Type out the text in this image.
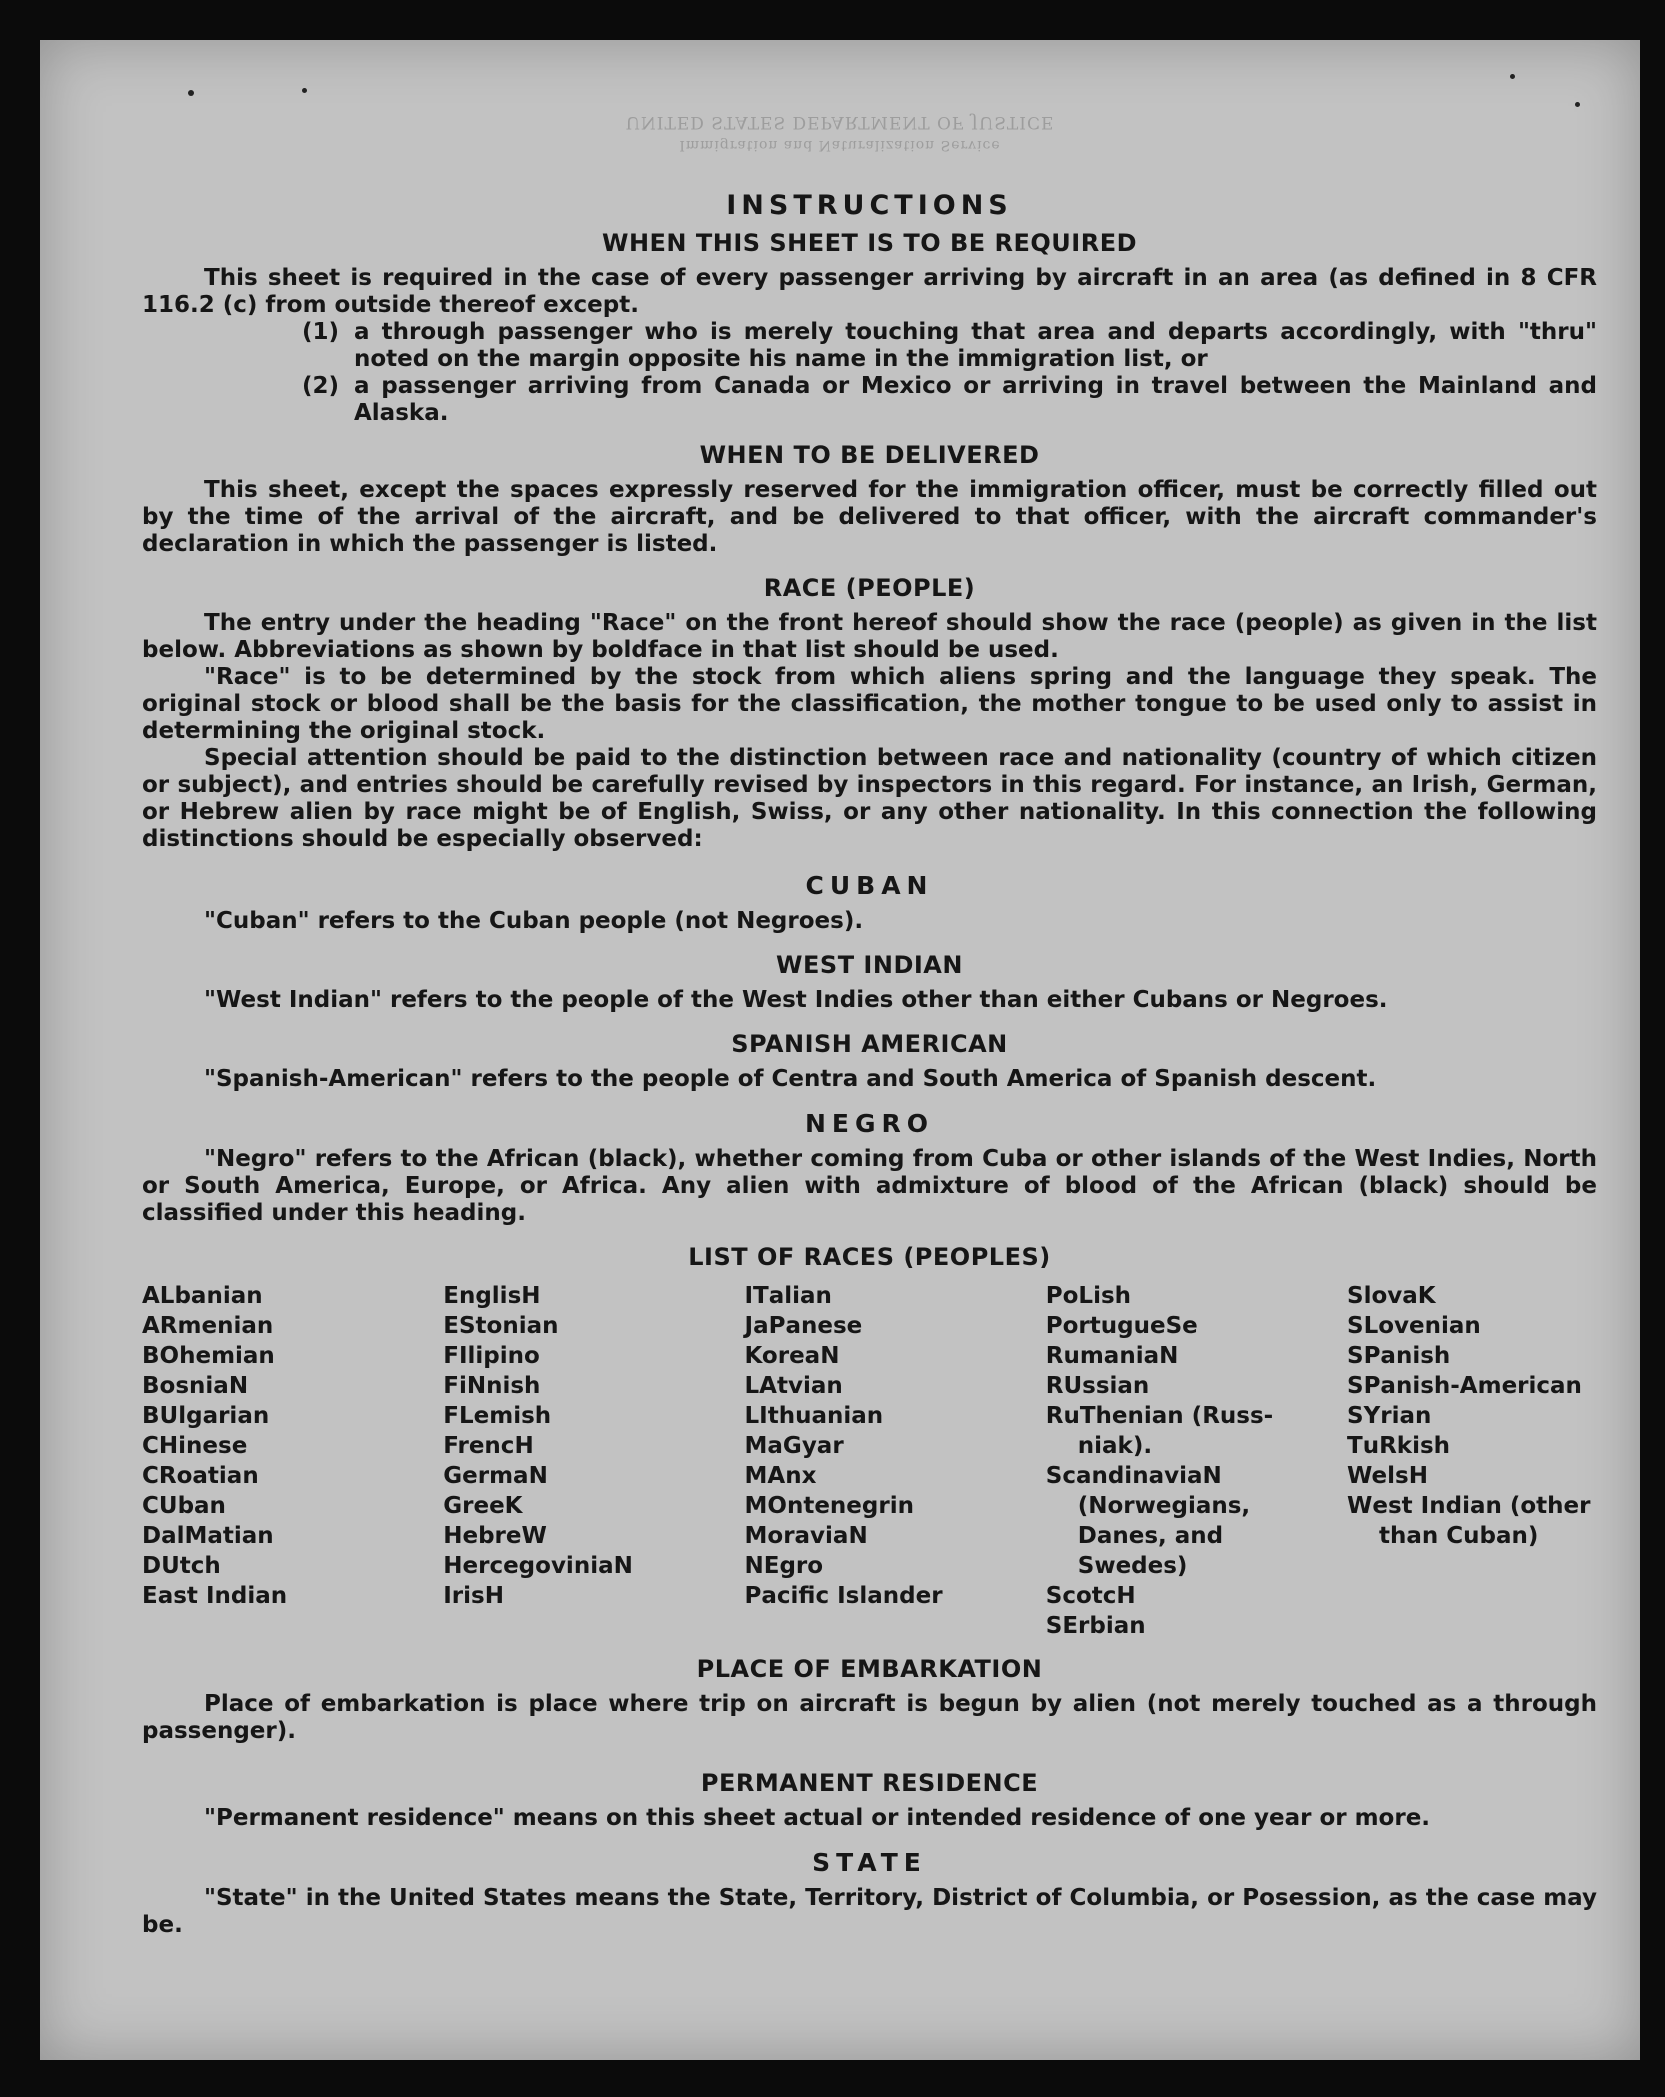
UNITED STATES DEPARTMENT OF JUSTICE
Immigration and Naturalization Service
INSTRUCTIONS
WHEN THIS SHEET IS TO BE REQUIRED

This sheet is required in the case of every passenger arriving by aircraft in an area (as defined in 8 CFR 116.2 (c) from outside thereof except.

(1) a through passenger who is merely touching that area and departs accordingly, with "thru" noted on the margin opposite his name in the immigration list, or

(2) a passenger arriving from Canada or Mexico or arriving in travel between the Mainland and Alaska.

WHEN TO BE DELIVERED

This sheet, except the spaces expressly reserved for the immigration officer, must be correctly filled out by the time of the arrival of the aircraft, and be delivered to that officer, with the aircraft commander's declaration in which the passenger is listed.

RACE (PEOPLE)

The entry under the heading "Race" on the front hereof should show the race (people) as given in the list below. Abbreviations as shown by boldface in that list should be used.

"Race" is to be determined by the stock from which aliens spring and the language they speak. The original stock or blood shall be the basis for the classification, the mother tongue to be used only to assist in determining the original stock.

Special attention should be paid to the distinction between race and nationality (country of which citizen or subject), and entries should be carefully revised by inspectors in this regard. For instance, an Irish, German, or Hebrew alien by race might be of English, Swiss, or any other nationality. In this connection the following distinctions should be especially observed:

CUBAN

"Cuban" refers to the Cuban people (not Negroes).

WEST INDIAN

"West Indian" refers to the people of the West Indies other than either Cubans or Negroes.

SPANISH AMERICAN

"Spanish-American" refers to the people of Centra and South America of Spanish descent.

NEGRO

"Negro" refers to the African (black), whether coming from Cuba or other islands of the West Indies, North or South America, Europe, or Africa. Any alien with admixture of blood of the African (black) should be classified under this heading.

LIST OF RACES (PEOPLES)
ALbanian
ARmenian
BOhemian
BosniaN
BUlgarian
CHinese
CRoatian
CUban
DalMatian
DUtch
East Indian
EnglisH
EStonian
FIlipino
FiNnish
FLemish
FrencH
GermaN
GreeK
HebreW
HercegoviniaN
IrisH
ITalian
JaPanese
KoreaN
LAtvian
LIthuanian
MaGyar
MAnx
MOntenegrin
MoraviaN
NEgro
Pacific Islander
PoLish
PortugueSe
RumaniaN
RUssian
RuThenian (Russ-
niak).
ScandinaviaN
(Norwegians,
Danes, and
Swedes)
ScotcH
SErbian
SlovaK
SLovenian
SPanish
SPanish-American
SYrian
TuRkish
WelsH
West Indian (other
than Cuban)
PLACE OF EMBARKATION

Place of embarkation is place where trip on aircraft is begun by alien (not merely touched as a through passenger).

PERMANENT RESIDENCE

"Permanent residence" means on this sheet actual or intended residence of one year or more.

STATE

"State" in the United States means the State, Territory, District of Columbia, or Posession, as the case may be.
